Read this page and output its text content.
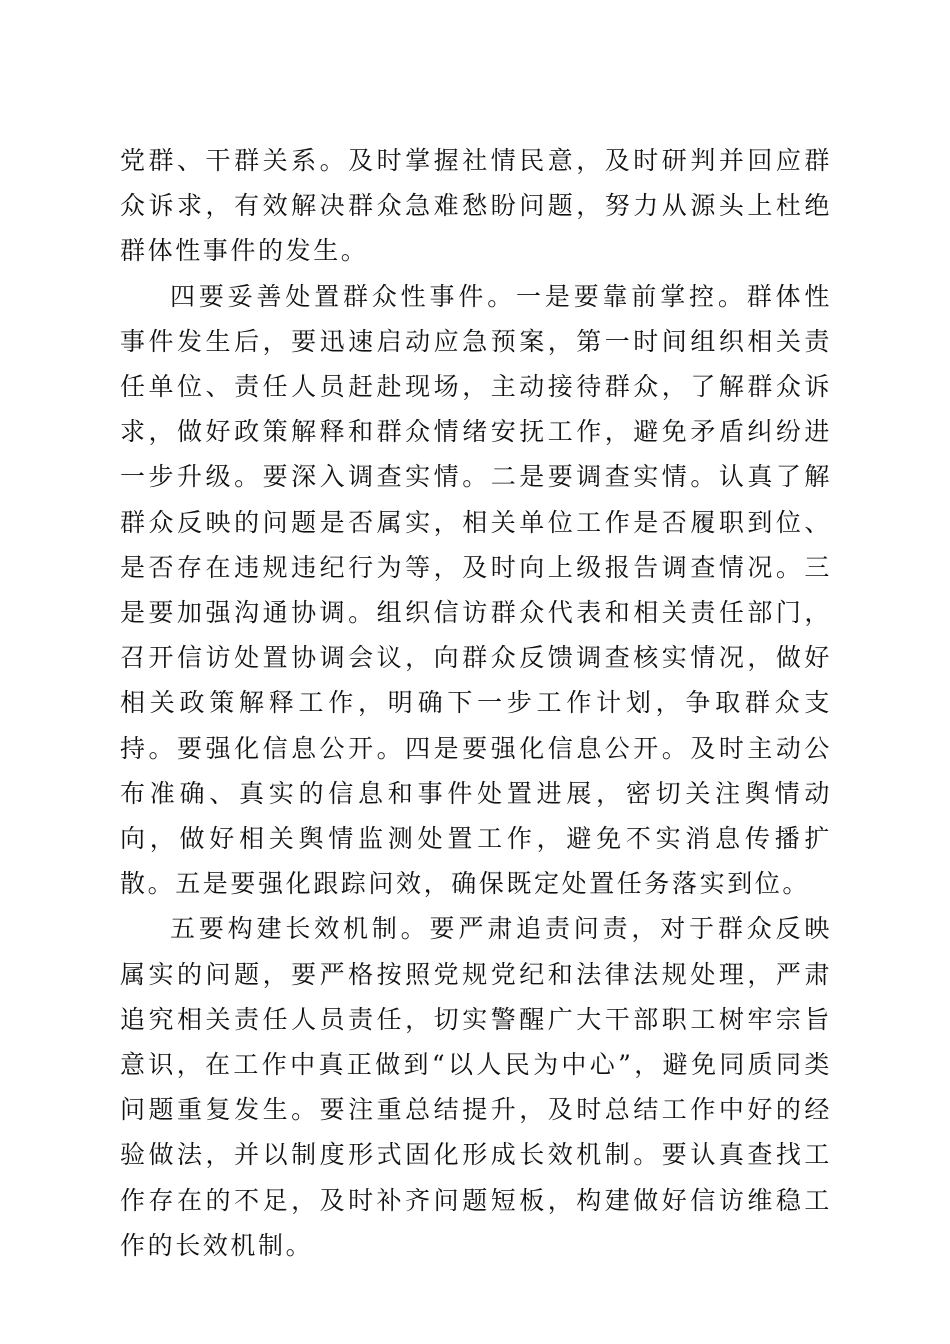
党群、干群关系。及时掌握社情民意，及时研判并回应群众诉求，有效解决群众急难愁盼问题，努力从源头上杜绝群体性事件的发生。

四要妥善处置群众性事件。一是要靠前掌控。群体性事件发生后，要迅速启动应急预案，第一时间组织相关责任单位、责任人员赶赴现场，主动接待群众，了解群众诉求，做好政策解释和群众情绪安抚工作，避免矛盾纠纷进一步升级。要深入调查实情。二是要调查实情。认真了解群众反映的问题是否属实，相关单位工作是否履职到位、是否存在违规违纪行为等，及时向上级报告调查情况。三是要加强沟通协调。组织信访群众代表和相关责任部门，召开信访处置协调会议，向群众反馈调查核实情况，做好相关政策解释工作，明确下一步工作计划，争取群众支持。要强化信息公开。四是要强化信息公开。及时主动公布准确、真实的信息和事件处置进展，密切关注舆情动向，做好相关舆情监测处置工作，避免不实消息传播扩散。五是要强化跟踪问效，确保既定处置任务落实到位。

五要构建长效机制。要严肃追责问责，对于群众反映属实的问题，要严格按照党规党纪和法律法规处理，严肃追究相关责任人员责任，切实警醒广大干部职工树牢宗旨意识，在工作中真正做到“以人民为中心”，避免同质同类问题重复发生。要注重总结提升，及时总结工作中好的经验做法，并以制度形式固化形成长效机制。要认真查找工作存在的不足，及时补齐问题短板，构建做好信访维稳工作的长效机制。
